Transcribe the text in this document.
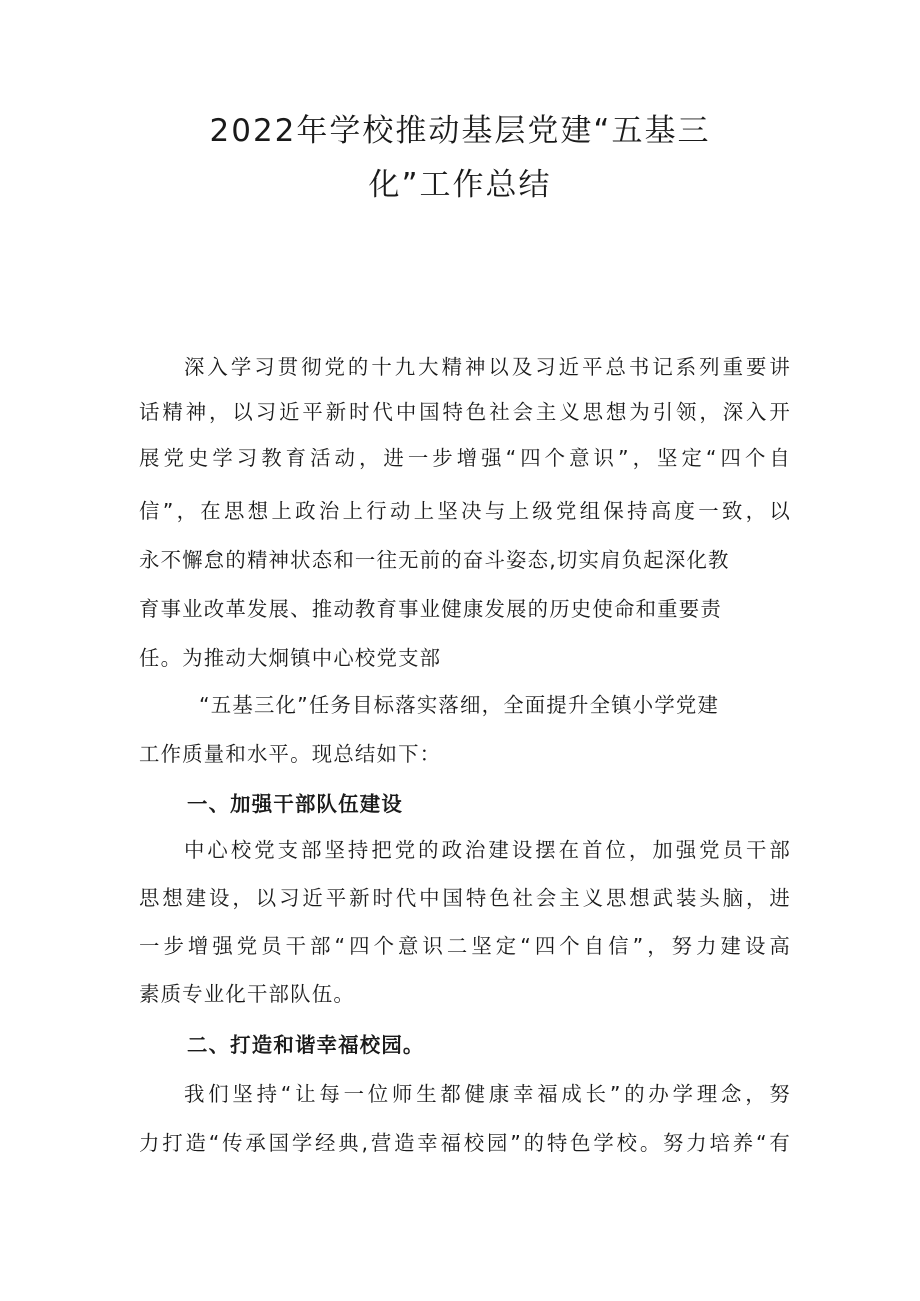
2022年学校推动基层党建“五基三
化”工作总结
深入学习贯彻党的十九大精神以及习近平总书记系列重要讲
话精神，以习近平新时代中国特色社会主义思想为引领，深入开
展党史学习教育活动，进一步增强“四个意识”，坚定“四个自
信”，在思想上政治上行动上坚决与上级党组保持高度一致，以
永不懈怠的精神状态和一往无前的奋斗姿态,切实肩负起深化教
育事业改革发展、推动教育事业健康发展的历史使命和重要责
任。为推动大炯镇中心校党支部
“五基三化”任务目标落实落细，全面提升全镇小学党建
工作质量和水平。现总结如下：
一、加强干部队伍建设
中心校党支部坚持把党的政治建设摆在首位，加强党员干部
思想建设，以习近平新时代中国特色社会主义思想武装头脑，进
一步增强党员干部“四个意识二坚定“四个自信”，努力建设高
素质专业化干部队伍。
二、打造和谐幸福校园。
我们坚持“让每一位师生都健康幸福成长”的办学理念，努
力打造“传承国学经典,营造幸福校园”的特色学校。努力培养“有
